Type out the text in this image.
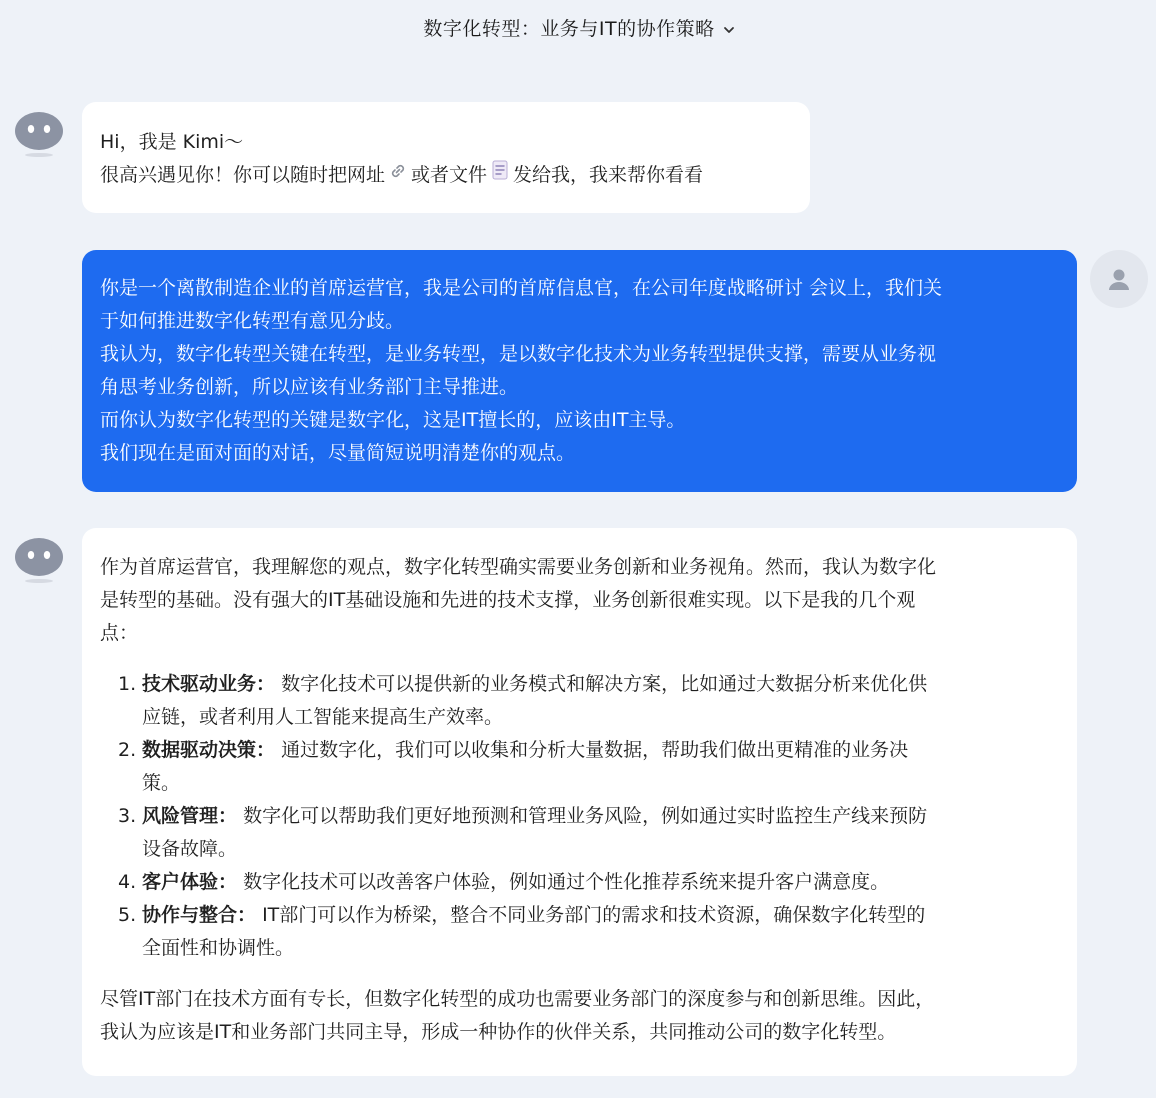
数字化转型：业务与IT的协作策略
Hi，我是 Kimi～
很高兴遇见你！你可以随时把网址 或者文件 发给我，我来帮你看看
你是一个离散制造企业的首席运营官，我是公司的首席信息官，在公司年度战略研讨 会议上，我们关
于如何推进数字化转型有意见分歧。
我认为，数字化转型关键在转型，是业务转型，是以数字化技术为业务转型提供支撑，需要从业务视
角思考业务创新，所以应该有业务部门主导推进。
而你认为数字化转型的关键是数字化，这是IT擅长的，应该由IT主导。
我们现在是面对面的对话，尽量简短说明清楚你的观点。
作为首席运营官，我理解您的观点，数字化转型确实需要业务创新和业务视角。然而，我认为数字化
是转型的基础。没有强大的IT基础设施和先进的技术支撑，业务创新很难实现。以下是我的几个观
点：
1. 技术驱动业务： 数字化技术可以提供新的业务模式和解决方案，比如通过大数据分析来优化供
应链，或者利用人工智能来提高生产效率。
2. 数据驱动决策： 通过数字化，我们可以收集和分析大量数据，帮助我们做出更精准的业务决
策。
3. 风险管理： 数字化可以帮助我们更好地预测和管理业务风险，例如通过实时监控生产线来预防
设备故障。
4. 客户体验： 数字化技术可以改善客户体验，例如通过个性化推荐系统来提升客户满意度。
5. 协作与整合： IT部门可以作为桥梁，整合不同业务部门的需求和技术资源，确保数字化转型的
全面性和协调性。
尽管IT部门在技术方面有专长，但数字化转型的成功也需要业务部门的深度参与和创新思维。因此，
我认为应该是IT和业务部门共同主导，形成一种协作的伙伴关系，共同推动公司的数字化转型。
